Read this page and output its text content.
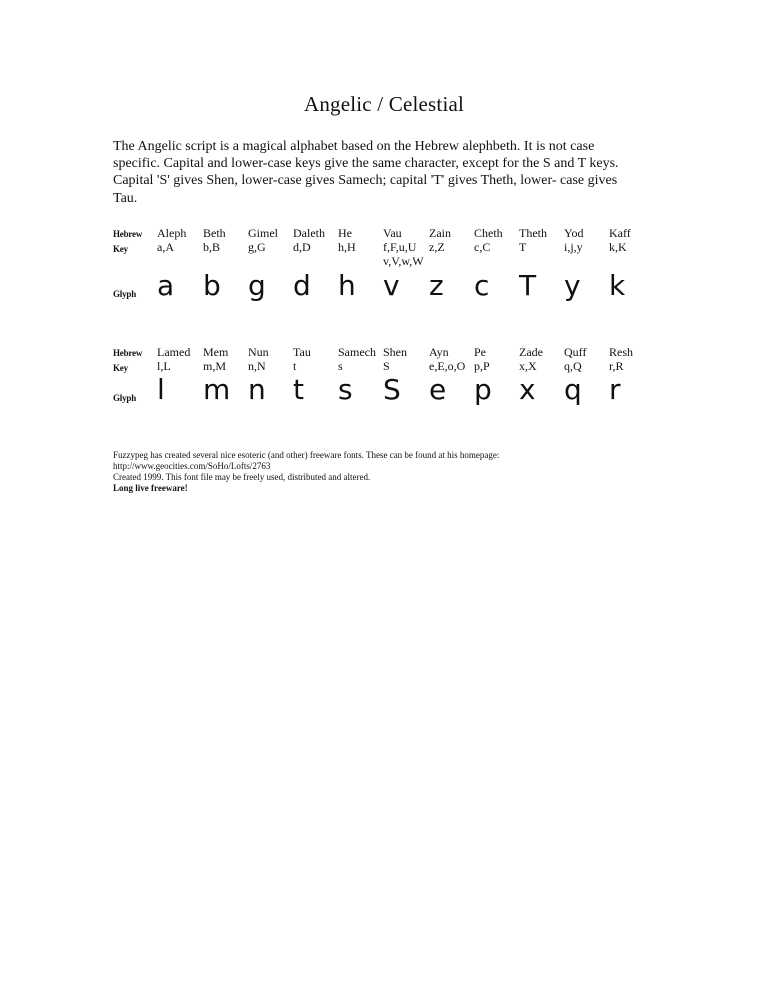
Angelic / Celestial

The Angelic script is a magical alphabet based on the Hebrew alephbeth. It is not case specific. Capital and lower-case keys give the same character, except for the S and T keys. Capital 'S' gives Shen, lower-case gives Samech; capital 'T' gives Theth, lower- case gives Tau.

Hebrew
Key
Glyph
Aleph
a,A
a
Beth
b,B
b
Gimel
g,G
g
Daleth
d,D
d
He
h,H
h
Vau
f,F,u,U v,V,w,W
v
Zain
z,Z
z
Cheth
c,C
c
Theth
T
T
Yod
i,j,y
y
Kaff
k,K
k
Hebrew
Key
Glyph
Lamed
l,L
l
Mem
m,M
m
Nun
n,N
n
Tau
t
t
Samech
s
s
Shen
S
S
Ayn
e,E,o,O
e
Pe
p,P
p
Zade
x,X
x
Quff
q,Q
q
Resh
r,R
r
Fuzzypeg has created several nice esoteric (and other) freeware fonts. These can be found at his homepage:
http://www.geocities.com/SoHo/Lofts/2763
Created 1999. This font file may be freely used, distributed and altered.
Long live freeware!
